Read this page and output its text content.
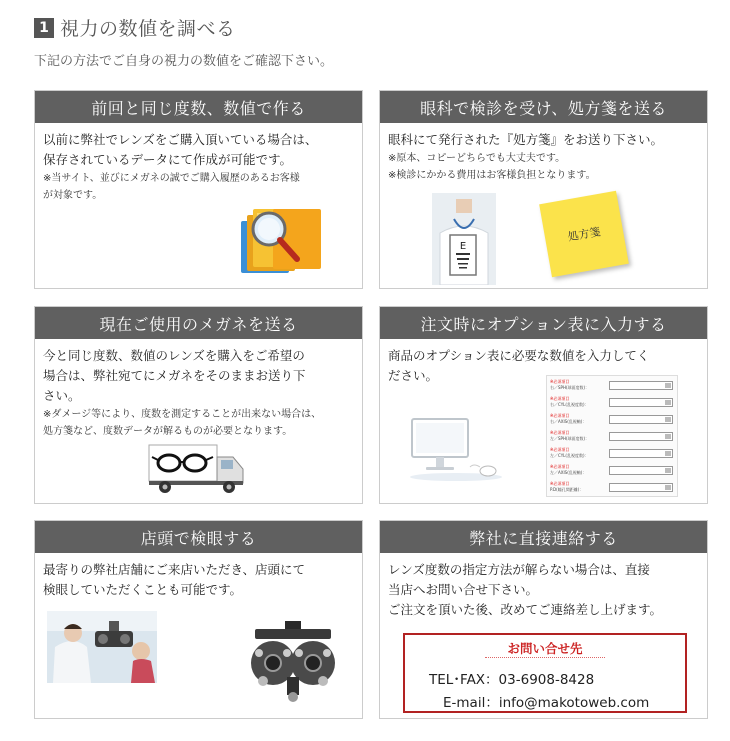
1 視力の数値を調べる
下記の方法でご自身の視力の数値をご確認下さい。
前回と同じ度数、数値で作る
以前に弊社でレンズをご購入頂いている場合は、
保存されているデータにて作成が可能です。
※当サイト、並びにメガネの誠でご購入履歴のあるお客様
が対象です。
眼科で検診を受け、処方箋を送る
眼科にて発行された『処方箋』をお送り下さい。
※原本、コピーどちらでも大丈夫です。
※検診にかかる費用はお客様負担となります。
E
処方箋
現在ご使用のメガネを送る
今と同じ度数、数値のレンズを購入をご希望の
場合は、弊社宛てにメガネをそのままお送り下
さい。
※ダメージ等により、度数を測定することが出来ない場合は、
処方箋など、度数データが解るものが必要となります。
注文時にオプション表に入力する
商品のオプション表に必要な数値を入力してく
ださい。	※必須項目
右／SPH(球面度数)：
※必須項目
右／CYL(乱視度数)：
※必須項目
右／AXIS(乱視軸)：
※必須項目
左／SPH(球面度数)：
※必須項目
左／CYL(乱視度数)：
※必須項目
左／AXIS(乱視軸)：
※必須項目
P.D(瞳孔間距離)：
店頭で検眼する
最寄りの弊社店舗にご来店いただき、店頭にて
検眼していただくことも可能です。
弊社に直接連絡する
レンズ度数の指定方法が解らない場合は、直接
当店へお問い合せ下さい。
ご注文を頂いた後、改めてご連絡差し上げます。
お問い合せ先
TEL･FAX：03-6908-8428
E-mail：info@makotoweb.com
